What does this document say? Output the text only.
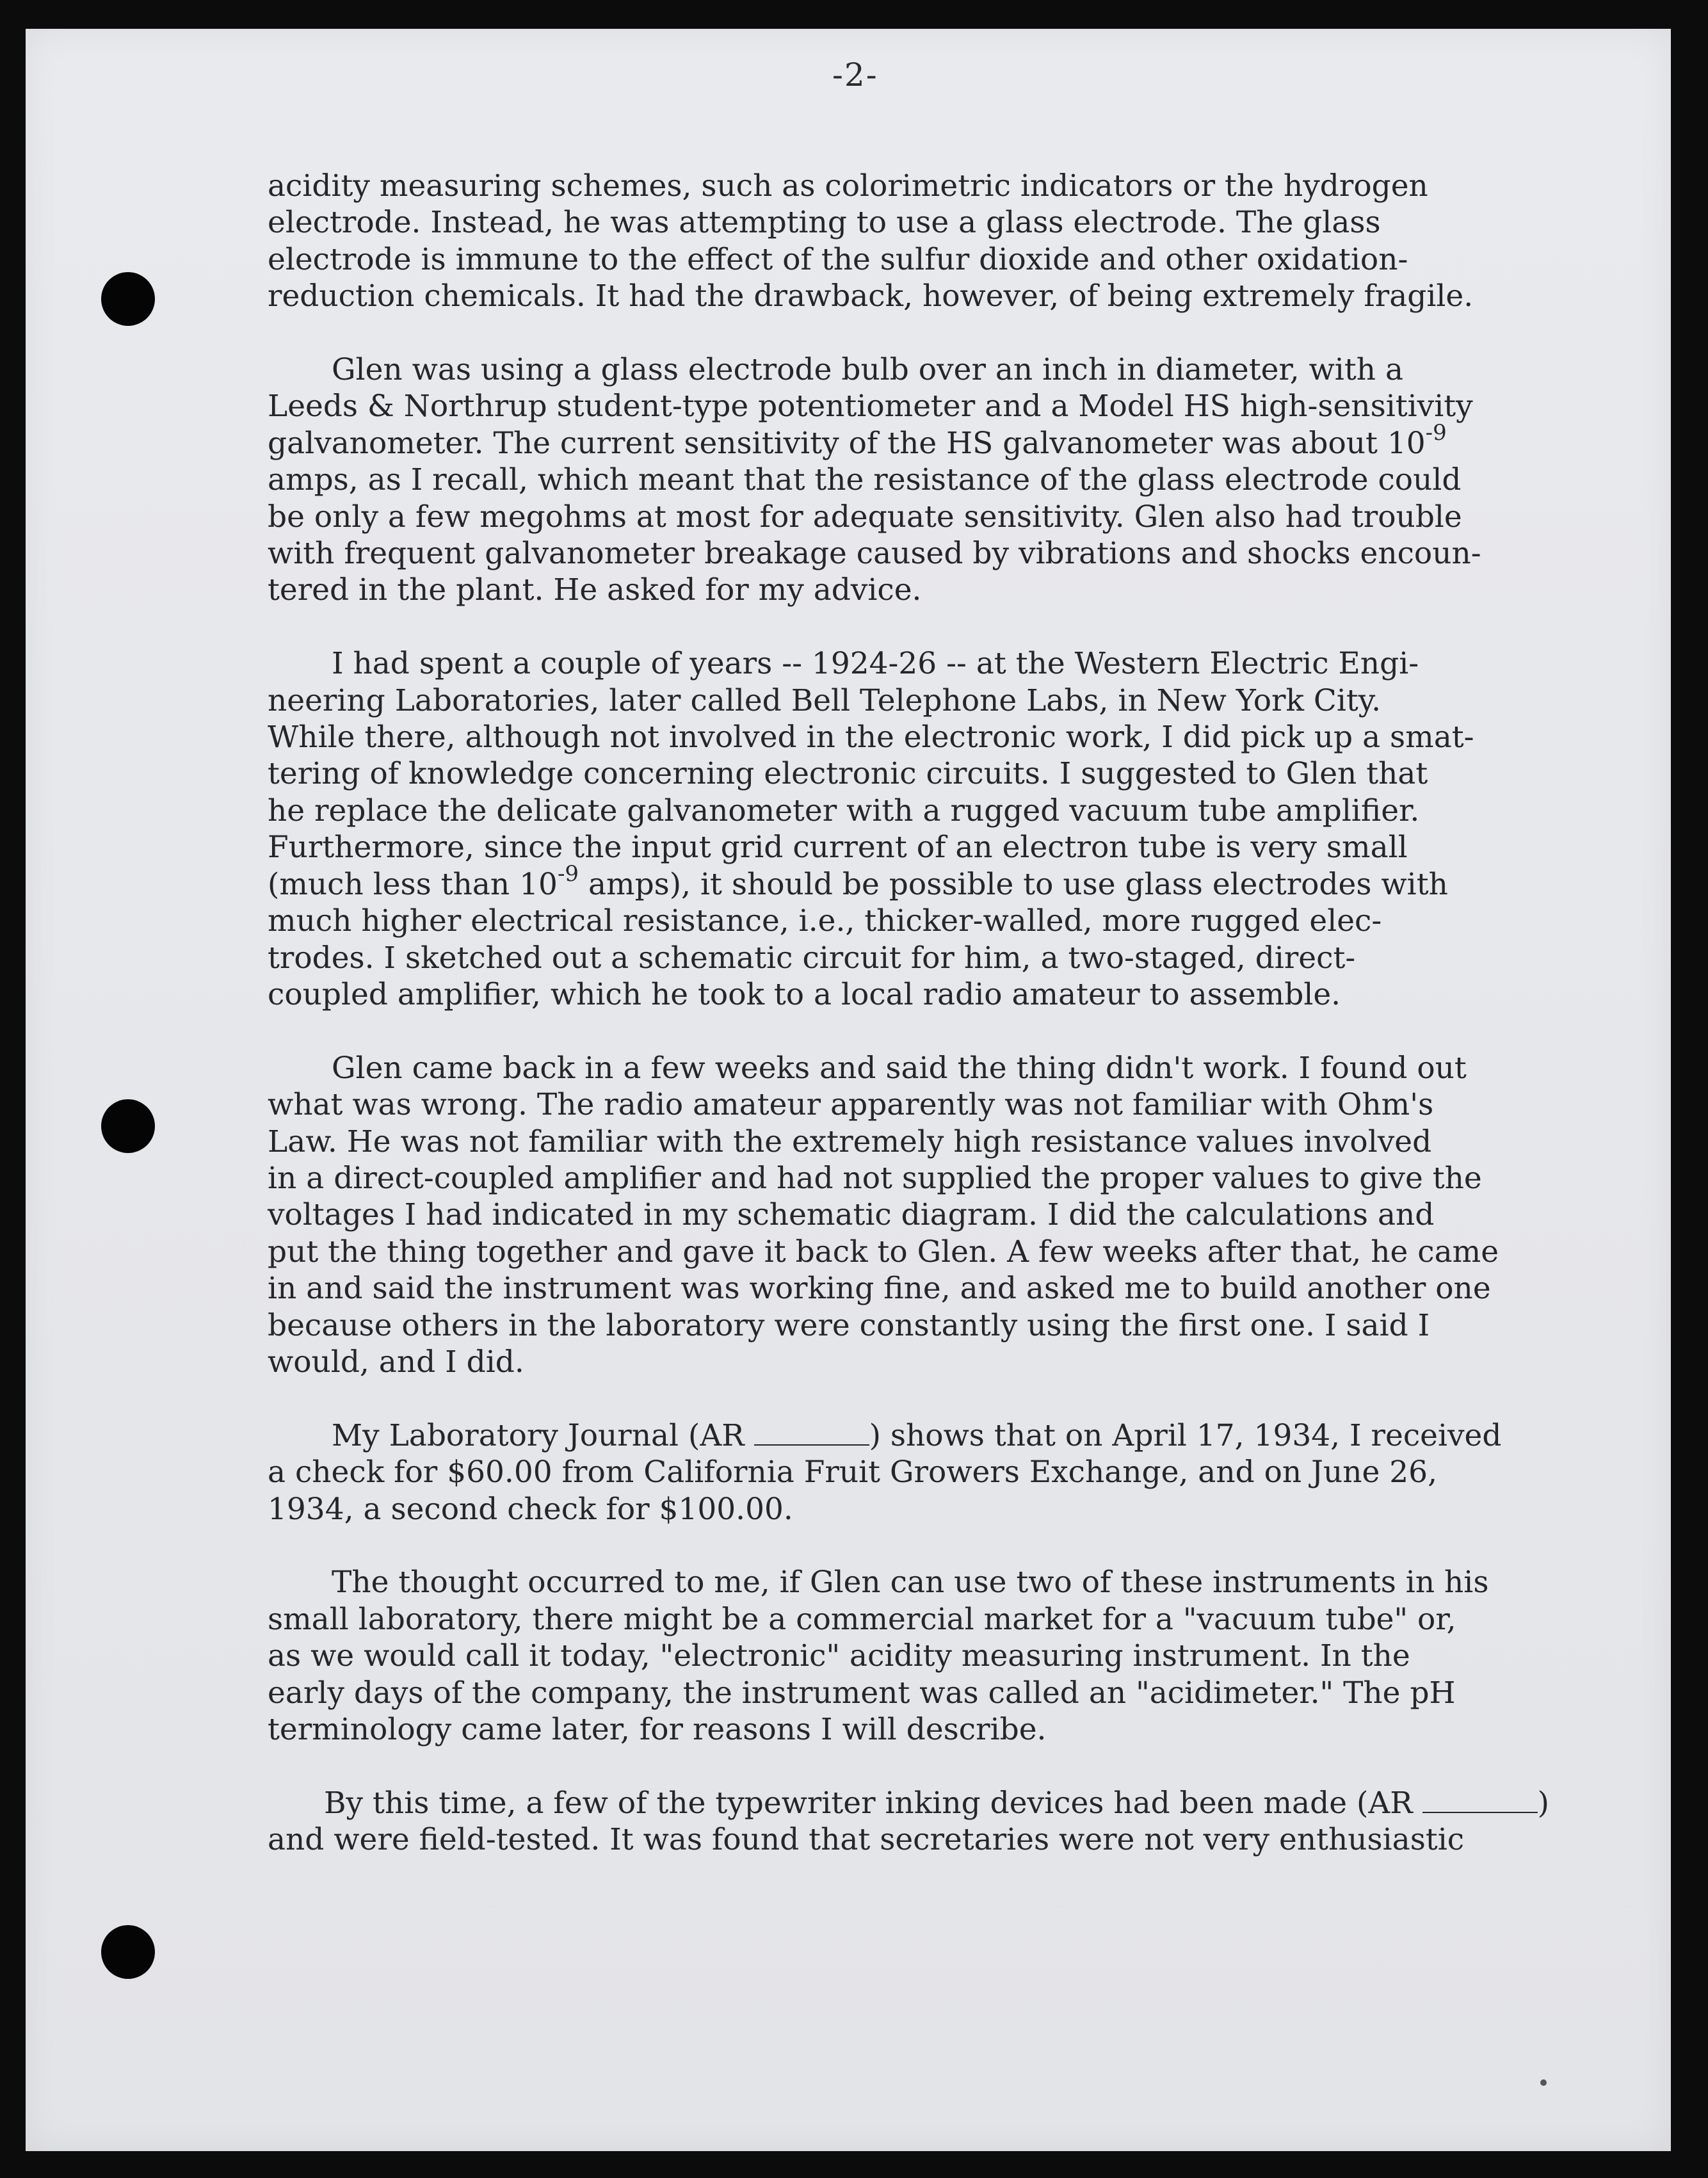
-2-
acidity measuring schemes, such as colorimetric indicators or the hydrogen
electrode. Instead, he was attempting to use a glass electrode. The glass
electrode is immune to the effect of the sulfur dioxide and other oxidation-
reduction chemicals. It had the drawback, however, of being extremely fragile.
Glen was using a glass electrode bulb over an inch in diameter, with a
Leeds & Northrup student-type potentiometer and a Model HS high-sensitivity
galvanometer. The current sensitivity of the HS galvanometer was about $10^{-9}$
amps, as I recall, which meant that the resistance of the glass electrode could
be only a few megohms at most for adequate sensitivity. Glen also had trouble
with frequent galvanometer breakage caused by vibrations and shocks encoun-
tered in the plant. He asked for my advice.
I had spent a couple of years -- 1924-26 -- at the Western Electric Engi-
neering Laboratories, later called Bell Telephone Labs, in New York City.
While there, although not involved in the electronic work, I did pick up a smat-
tering of knowledge concerning electronic circuits. I suggested to Glen that
he replace the delicate galvanometer with a rugged vacuum tube amplifier.
Furthermore, since the input grid current of an electron tube is very small
(much less than $10^{-9}$ amps), it should be possible to use glass electrodes with
much higher electrical resistance, i.e., thicker-walled, more rugged elec-
trodes. I sketched out a schematic circuit for him, a two-staged, direct-
coupled amplifier, which he took to a local radio amateur to assemble.
Glen came back in a few weeks and said the thing didn't work. I found out
what was wrong. The radio amateur apparently was not familiar with Ohm's
Law. He was not familiar with the extremely high resistance values involved
in a direct-coupled amplifier and had not supplied the proper values to give the
voltages I had indicated in my schematic diagram. I did the calculations and
put the thing together and gave it back to Glen. A few weeks after that, he came
in and said the instrument was working fine, and asked me to build another one
because others in the laboratory were constantly using the first one. I said I
would, and I did.
My Laboratory Journal (AR	) shows that on April 17, 1934, I received
a check for $60.00 from California Fruit Growers Exchange, and on June 26,
1934, a second check for $100.00.
The thought occurred to me, if Glen can use two of these instruments in his
small laboratory, there might be a commercial market for a "vacuum tube" or,
as we would call it today, "electronic" acidity measuring instrument. In the
early days of the company, the instrument was called an "acidimeter." The pH
terminology came later, for reasons I will describe.
By this time, a few of the typewriter inking devices had been made (AR	)
and were field-tested. It was found that secretaries were not very enthusiastic
